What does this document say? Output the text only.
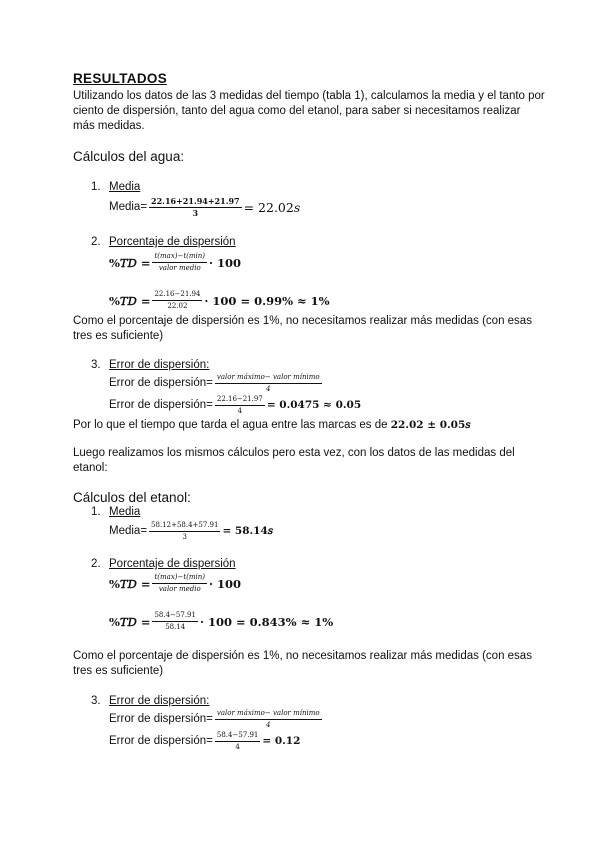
RESULTADOS
Utilizando los datos de las 3 medidas del tiempo (tabla 1), calculamos la media y el tanto por
ciento de dispersión, tanto del agua como del etanol, para saber si necesitamos realizar
más medidas.
Cálculos del agua:
1. Media
Media= $\frac{22.16+21.94+21.97}{3}$ = 22.02𝑠
2. Porcentaje de dispersión
%𝑇𝐷 = $\frac{\text{𝑡(𝑚𝑎𝑥)−𝑡(𝑚𝑖𝑛)}}{\text{𝑣𝑎𝑙𝑜𝑟 𝑚𝑒𝑑𝑖𝑜}} \cdot 100$
%𝑇𝐷 = $\frac{22.16-21.94}{22.02} \cdot 100 = 0.99\% \approx 1\%$
Como el porcentaje de dispersión es 1%, no necesitamos realizar más medidas (con esas
tres es suficiente)
3. Error de dispersión:
Error de dispersión= $\frac{\text{𝑣𝑎𝑙𝑜𝑟 𝑚á𝑥𝑖𝑚𝑜− 𝑣𝑎𝑙𝑜𝑟 𝑚í𝑛𝑖𝑚𝑜}}{4}$
Error de dispersión= $\frac{22.16-21.97}{4} = 0.0475 \approx 0.05$
Por lo que el tiempo que tarda el agua entre las marcas es de 22.02 ± 0.05𝑠
Luego realizamos los mismos cálculos pero esta vez, con los datos de las medidas del
etanol:
Cálculos del etanol:
1. Media
Media= $\frac{58.12+58.4+57.91}{3}$ = 58.14𝑠
2. Porcentaje de dispersión
%𝑇𝐷 = $\frac{\text{𝑡(𝑚𝑎𝑥)−𝑡(𝑚𝑖𝑛)}}{\text{𝑣𝑎𝑙𝑜𝑟 𝑚𝑒𝑑𝑖𝑜}} \cdot 100$
%𝑇𝐷 = $\frac{58.4-57.91}{58.14} \cdot 100 = 0.843\% \approx 1\%$
Como el porcentaje de dispersión es 1%, no necesitamos realizar más medidas (con esas
tres es suficiente)
3. Error de dispersión:
Error de dispersión= $\frac{\text{𝑣𝑎𝑙𝑜𝑟 𝑚á𝑥𝑖𝑚𝑜− 𝑣𝑎𝑙𝑜𝑟 𝑚í𝑛𝑖𝑚𝑜}}{4}$
Error de dispersión= $\frac{58.4-57.91}{4} = 0.12$
